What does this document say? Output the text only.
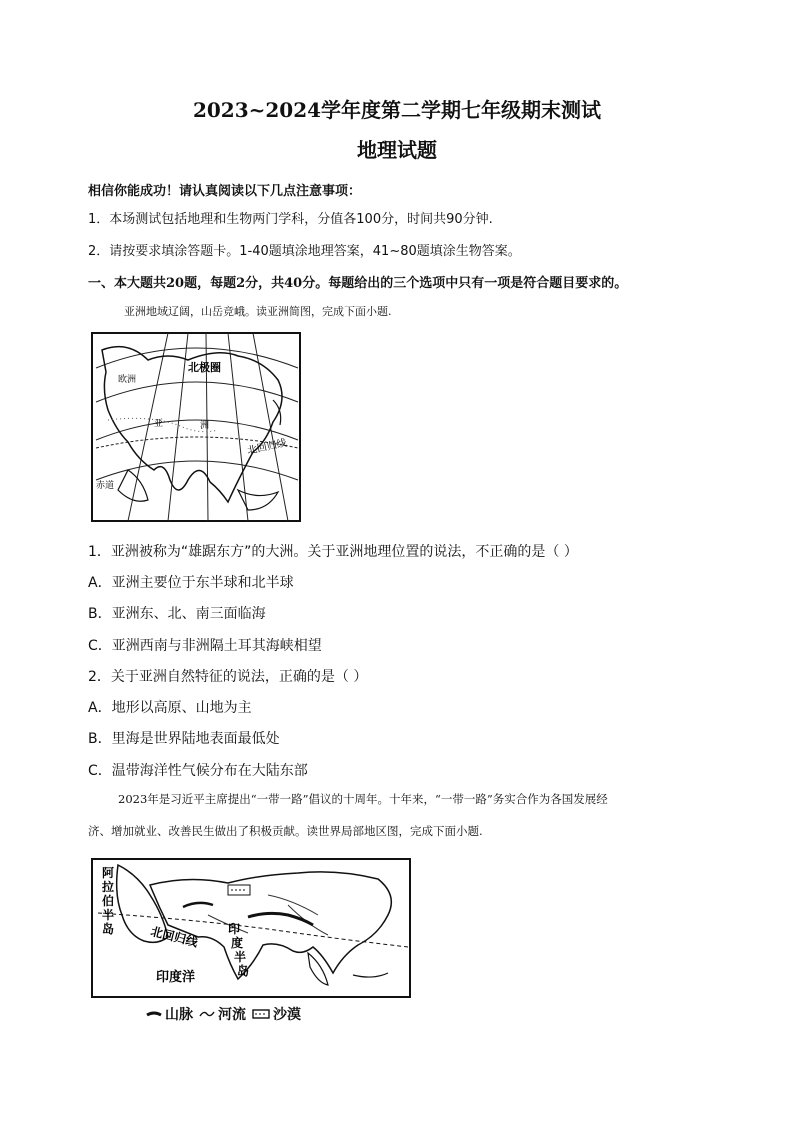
2023~2024学年度第二学期七年级期末测试
地理试题
相信你能成功！请认真阅读以下几点注意事项：
1．本场测试包括地理和生物两门学科，分值各100分，时间共90分钟.
2．请按要求填涂答题卡。1-40题填涂地理答案，41~80题填涂生物答案。
一、本大题共20题，每题2分，共40分。每题给出的三个选项中只有一项是符合题目要求的。
亚洲地域辽阔，山岳竞峨。读亚洲简图，完成下面小题.
北极圈
欧洲
亚	洲
北回归线
赤道
1．亚洲被称为“雄踞东方”的大洲。关于亚洲地理位置的说法，不正确的是（ ）
A．亚洲主要位于东半球和北半球
B．亚洲东、北、南三面临海
C．亚洲西南与非洲隔土耳其海峡相望
2．关于亚洲自然特征的说法，正确的是（ ）
A．地形以高原、山地为主
B．里海是世界陆地表面最低处
C．温带海洋性气候分布在大陆东部
2023年是习近平主席提出“一带一路”倡议的十周年。十年来，“一带一路”务实合作为各国发展经
济、增加就业、改善民生做出了积极贡献。读世界局部地区图，完成下面小题.
阿
拉
伯
半
岛	北回归线 印
度
半
岛
印度洋
山脉 河流 沙漠
